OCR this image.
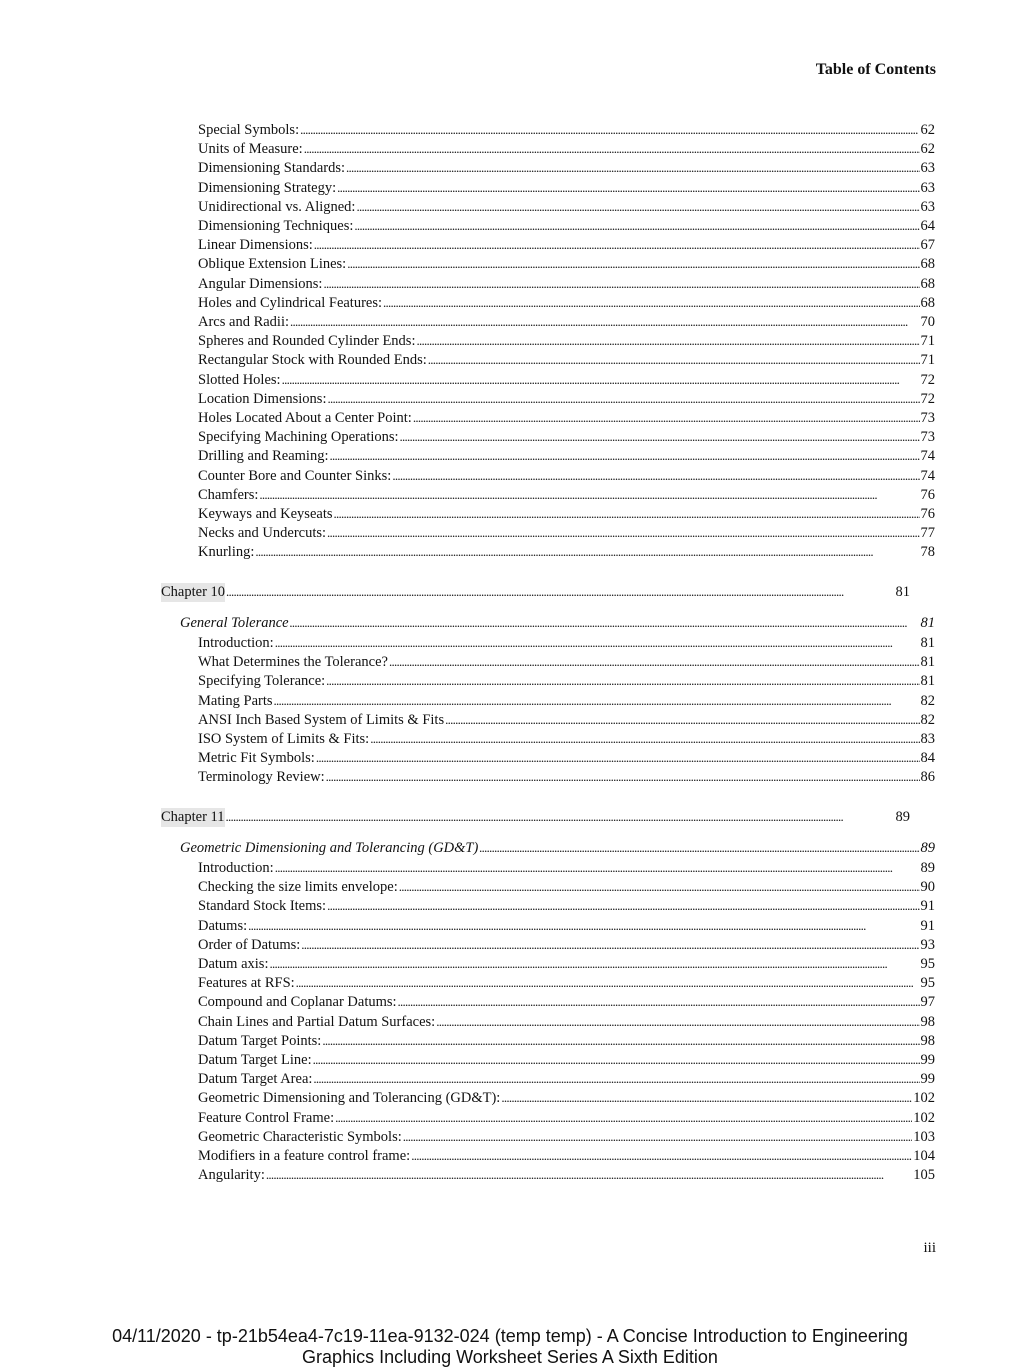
Table of Contents
Special Symbols: . . .	62
Units of Measure: . . .	62
Dimensioning Standards: . . .	63
Dimensioning Strategy: . . .	63
Unidirectional vs. Aligned: . . .	63
Dimensioning Techniques: . . .	64
Linear Dimensions: . . .	67
Oblique Extension Lines: . . .	68
Angular Dimensions: . . .	68
Holes and Cylindrical Features: . . .	68
Arcs and Radii: . . .	70
Spheres and Rounded Cylinder Ends: . . .	71
Rectangular Stock with Rounded Ends: . . .	71
Slotted Holes: . . .	72
Location Dimensions: . . .	72
Holes Located About a Center Point: . . .	73
Specifying Machining Operations: . . .	73
Drilling and Reaming: . . .	74
Counter Bore and Counter Sinks: . . .	74
Chamfers: . . .	76
Keyways and Keyseats . . .	76
Necks and Undercuts: . . .	77
Knurling: . . .	78
Chapter 10 . . .	81
General Tolerance . . .	81
Introduction: . . .	81
What Determines the Tolerance? . . .	81
Specifying Tolerance: . . .	81
Mating Parts . . .	82
ANSI Inch Based System of Limits & Fits . . .	82
ISO System of Limits & Fits: . . .	83
Metric Fit Symbols: . . .	84
Terminology Review: . . .	86
Chapter 11 . . .	89
Geometric Dimensioning and Tolerancing (GD&T) . . .	89
Introduction: . . .	89
Checking the size limits envelope: . . .	90
Standard Stock Items: . . .	91
Datums: . . .	91
Order of Datums: . . .	93
Datum axis: . . .	95
Features at RFS: . . .	95
Compound and Coplanar Datums: . . .	97
Chain Lines and Partial Datum Surfaces: . . .	98
Datum Target Points: . . .	98
Datum Target Line: . . .	99
Datum Target Area: . . .	99
Geometric Dimensioning and Tolerancing (GD&T): . . .	102
Feature Control Frame: . . .	102
Geometric Characteristic Symbols: . . .	103
Modifiers in a feature control frame: . . .	104
Angularity: . . .	105
iii
04/11/2020 - tp-21b54ea4-7c19-11ea-9132-024 (temp temp) - A Concise Introduction to Engineering
Graphics Including Worksheet Series A Sixth Edition
